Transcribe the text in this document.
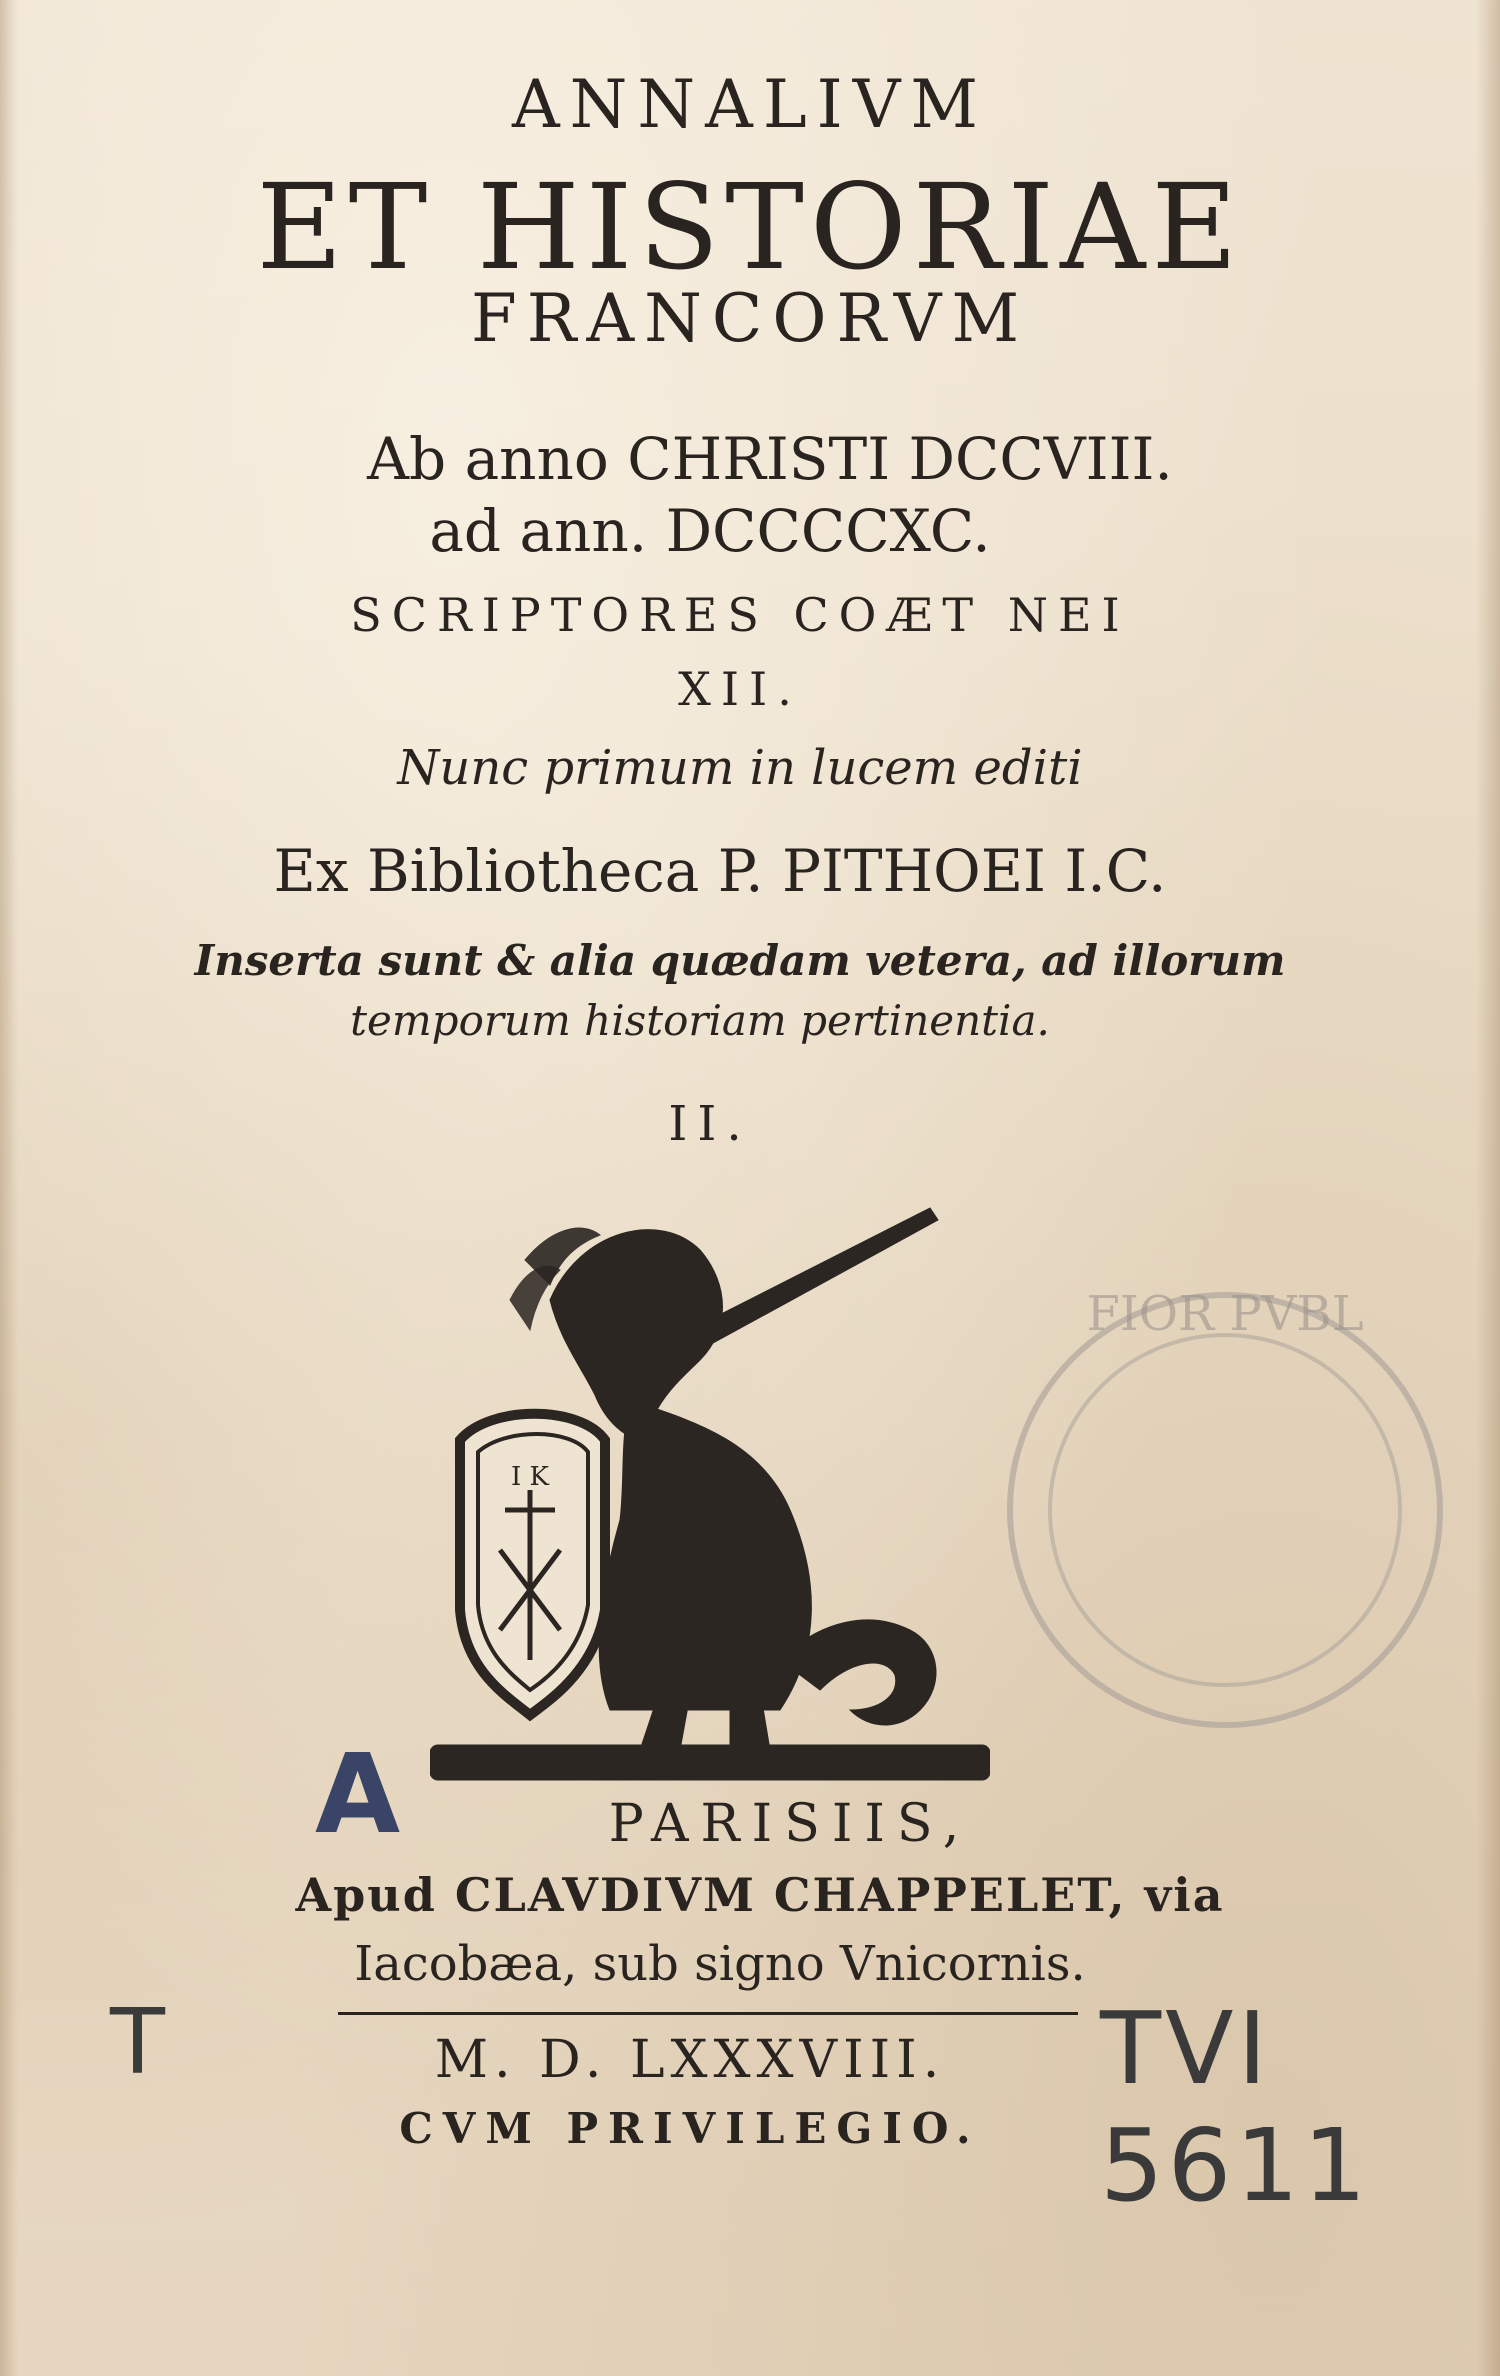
ANNALIVM
ET HISTORIAE
FRANCORVM
Ab anno CHRISTI DCCVIII.
ad ann. DCCCCXC.
SCRIPTORES COÆT NEI
XII.
Nunc primum in lucem editi
Ex Bibliotheca P. PITHOEI I.C.
Inserta sunt & alia quædam vetera, ad illorum
temporum historiam pertinentia.
II.
I K
FIOR PVBL
PARISIIS,
Apud CLAVDIVM CHAPPELET, via
Iacobæa, sub signo Vnicornis.
M. D. LXXXVIII.
CVM PRIVILEGIO.
A
T	TVI 5611
